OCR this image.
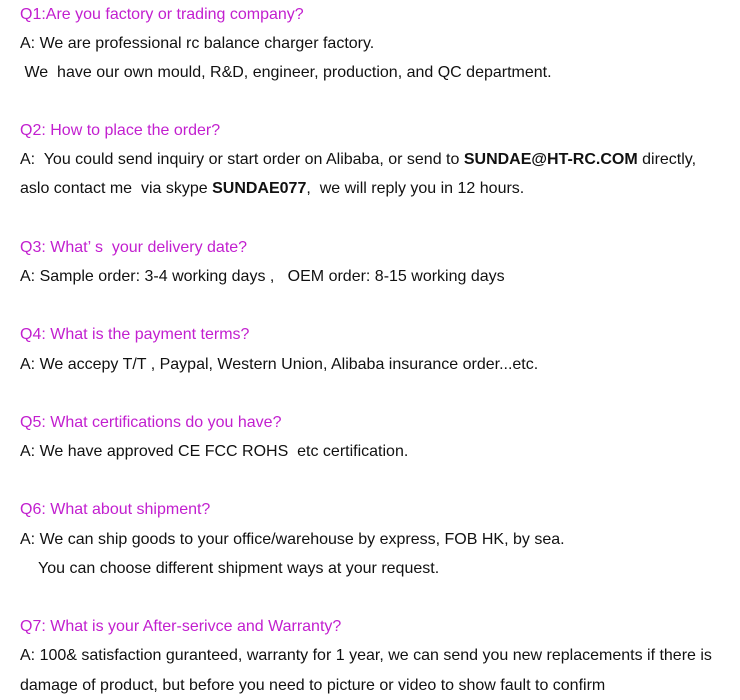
Q1:Are you factory or trading company?

A: We are professional rc balance charger factory.

We  have our own mould, R&D, engineer, production, and QC department.

Q2: How to place the order?

A:  You could send inquiry or start order on Alibaba, or send to SUNDAE@HT-RC.COM directly,

aslo contact me  via skype SUNDAE077,  we will reply you in 12 hours.

Q3: What’ s  your delivery date?

A: Sample order: 3-4 working days ,   OEM order: 8-15 working days

Q4: What is the payment terms?

A: We accepy T/T , Paypal, Western Union, Alibaba insurance order...etc.

Q5: What certifications do you have?

A: We have approved CE FCC ROHS  etc certification.

Q6: What about shipment?

A: We can ship goods to your office/warehouse by express, FOB HK, by sea.

You can choose different shipment ways at your request.

Q7: What is your After-serivce and Warranty?

A: 100& satisfaction guranteed, warranty for 1 year, we can send you new replacements if there is

damage of product, but before you need to picture or video to show fault to confirm
